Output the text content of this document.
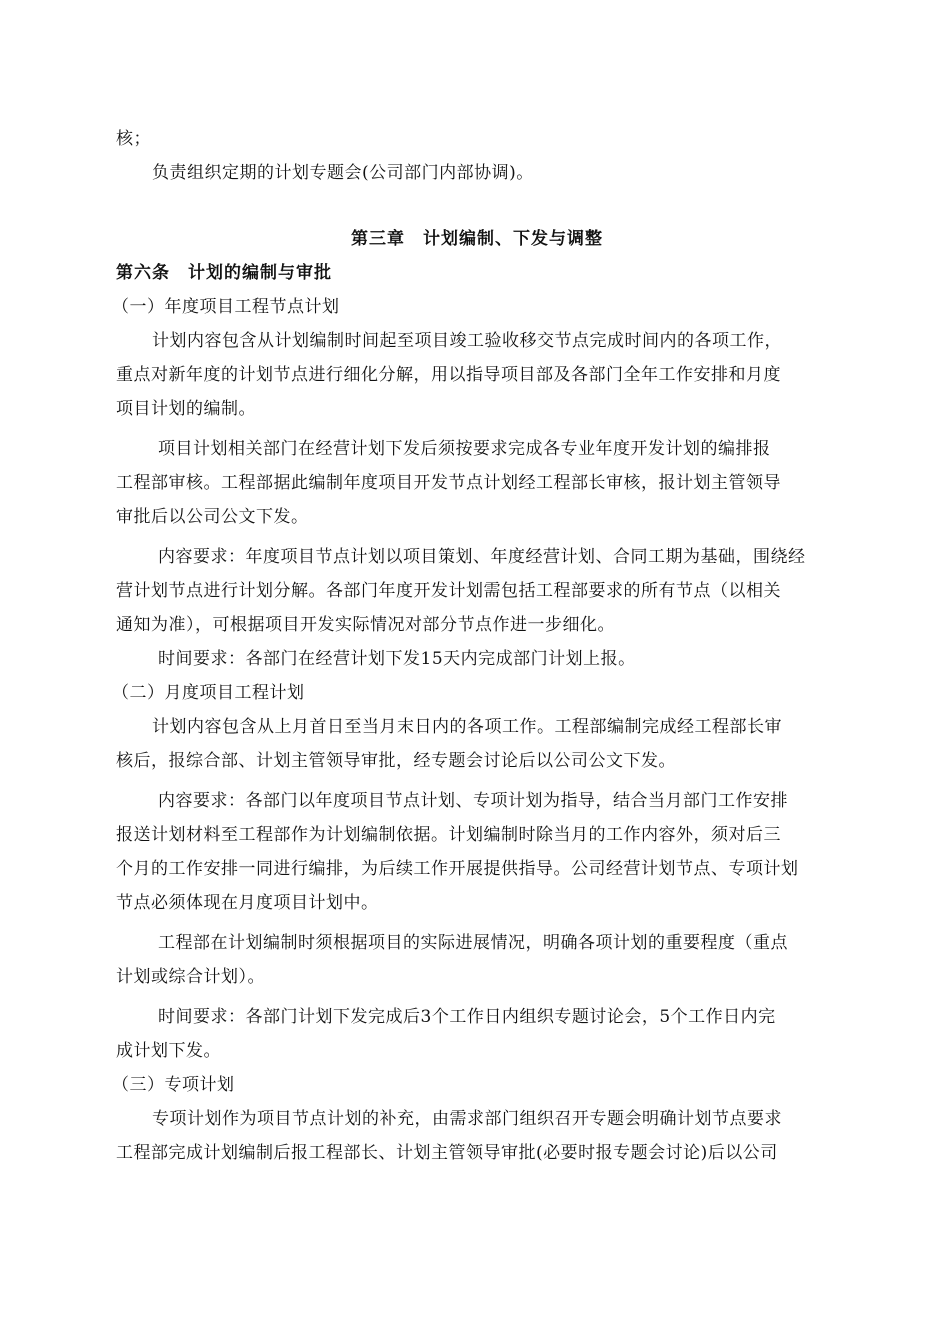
核；
负责组织定期的计划专题会(公司部门内部协调)。
第三章　计划编制、下发与调整
第六条　计划的编制与审批
（一）年度项目工程节点计划
计划内容包含从计划编制时间起至项目竣工验收移交节点完成时间内的各项工作，
重点对新年度的计划节点进行细化分解，用以指导项目部及各部门全年工作安排和月度
项目计划的编制。
项目计划相关部门在经营计划下发后须按要求完成各专业年度开发计划的编排报
工程部审核。工程部据此编制年度项目开发节点计划经工程部长审核，报计划主管领导
审批后以公司公文下发。
内容要求：年度项目节点计划以项目策划、年度经营计划、合同工期为基础，围绕经
营计划节点进行计划分解。各部门年度开发计划需包括工程部要求的所有节点（以相关
通知为准），可根据项目开发实际情况对部分节点作进一步细化。
时间要求：各部门在经营计划下发15天内完成部门计划上报。
（二）月度项目工程计划
计划内容包含从上月首日至当月末日内的各项工作。工程部编制完成经工程部长审
核后，报综合部、计划主管领导审批，经专题会讨论后以公司公文下发。
内容要求：各部门以年度项目节点计划、专项计划为指导，结合当月部门工作安排
报送计划材料至工程部作为计划编制依据。计划编制时除当月的工作内容外，须对后三
个月的工作安排一同进行编排，为后续工作开展提供指导。公司经营计划节点、专项计划
节点必须体现在月度项目计划中。
工程部在计划编制时须根据项目的实际进展情况，明确各项计划的重要程度（重点
计划或综合计划）。
时间要求：各部门计划下发完成后3个工作日内组织专题讨论会，5个工作日内完
成计划下发。
（三）专项计划
专项计划作为项目节点计划的补充，由需求部门组织召开专题会明确计划节点要求
工程部完成计划编制后报工程部长、计划主管领导审批(必要时报专题会讨论)后以公司
